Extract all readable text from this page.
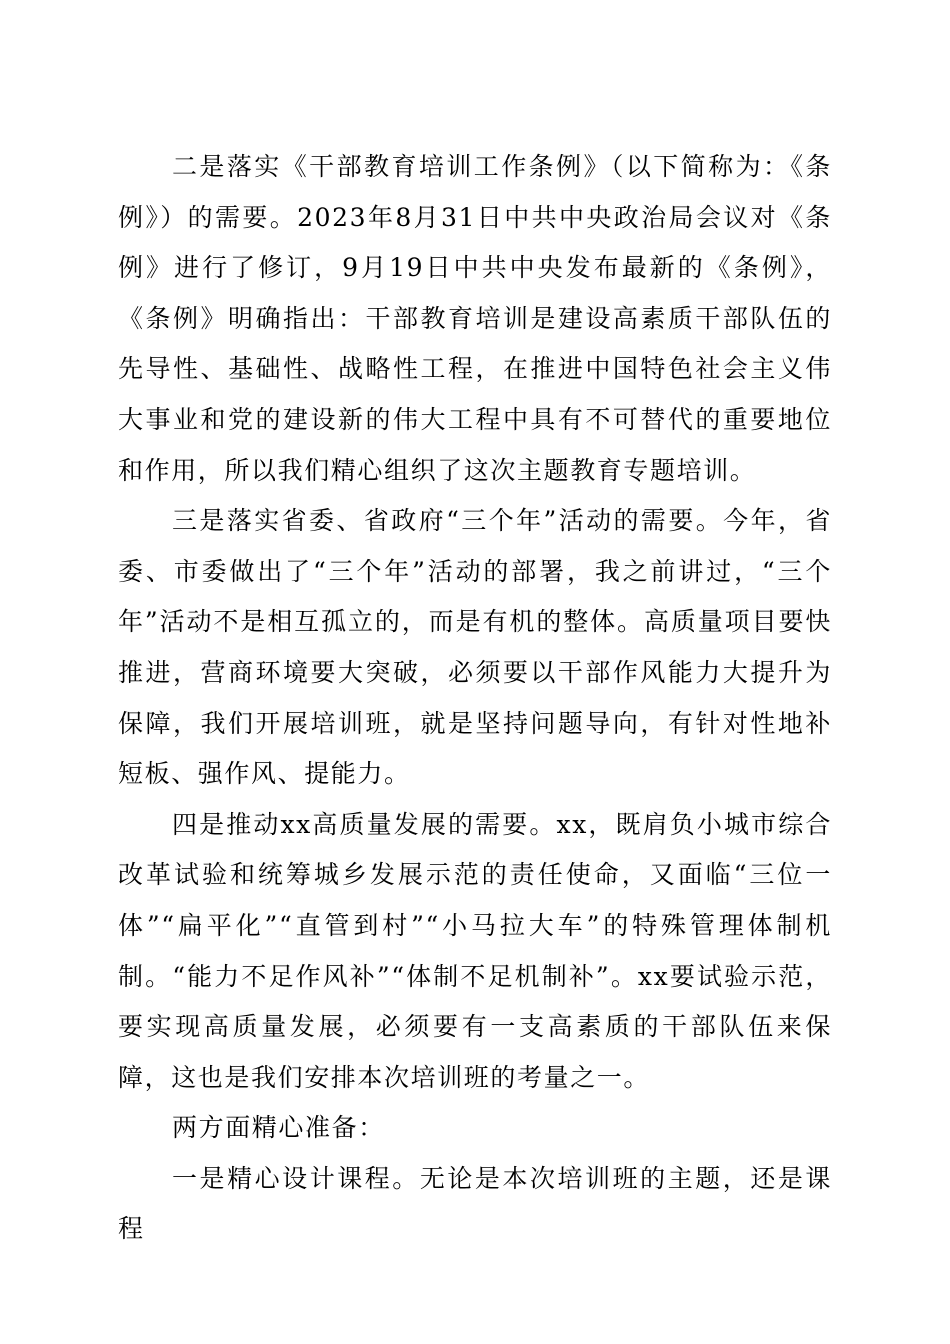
二是落实《干部教育培训工作条例》（以下简称为：《条例》）的需要。2023年8月31日中共中央政治局会议对《条例》进行了修订，9月19日中共中央发布最新的《条例》，《条例》明确指出：干部教育培训是建设高素质干部队伍的先导性、基础性、战略性工程，在推进中国特色社会主义伟大事业和党的建设新的伟大工程中具有不可替代的重要地位和作用，所以我们精心组织了这次主题教育专题培训。

三是落实省委、省政府“三个年”活动的需要。今年，省委、市委做出了“三个年”活动的部署，我之前讲过，“三个年”活动不是相互孤立的，而是有机的整体。高质量项目要快推进，营商环境要大突破，必须要以干部作风能力大提升为保障，我们开展培训班，就是坚持问题导向，有针对性地补短板、强作风、提能力。

四是推动xx高质量发展的需要。xx，既肩负小城市综合改革试验和统筹城乡发展示范的责任使命，又面临“三位一体”“扁平化”“直管到村”“小马拉大车”的特殊管理体制机制。“能力不足作风补”“体制不足机制补”。xx要试验示范，要实现高质量发展，必须要有一支高素质的干部队伍来保障，这也是我们安排本次培训班的考量之一。

两方面精心准备：

一是精心设计课程。无论是本次培训班的主题，还是课程
